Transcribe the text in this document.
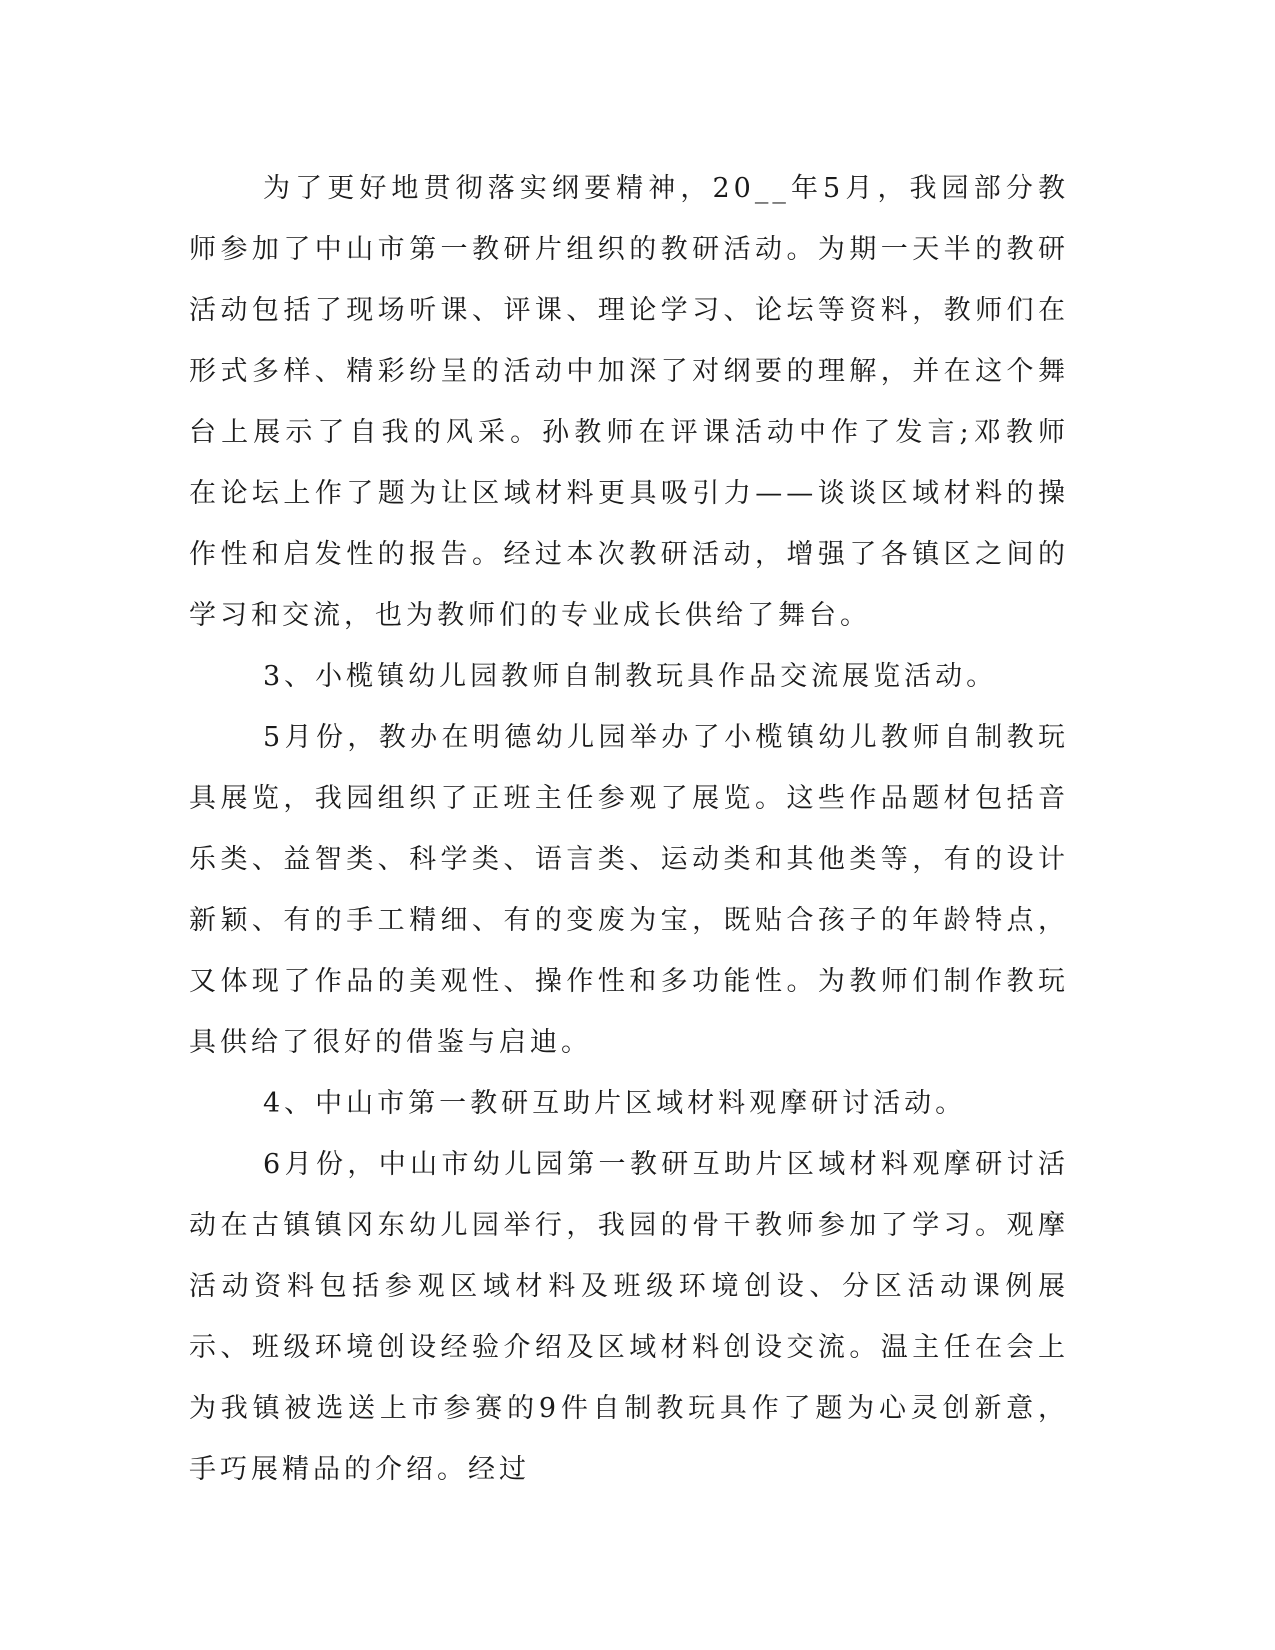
为了更好地贯彻落实纲要精神，20__年5月，我园部分教师参加了中山市第一教研片组织的教研活动。为期一天半的教研活动包括了现场听课、评课、理论学习、论坛等资料，教师们在形式多样、精彩纷呈的活动中加深了对纲要的理解，并在这个舞台上展示了自我的风采。孙教师在评课活动中作了发言;邓教师在论坛上作了题为让区域材料更具吸引力——谈谈区域材料的操作性和启发性的报告。经过本次教研活动，增强了各镇区之间的学习和交流，也为教师们的专业成长供给了舞台。

3、小榄镇幼儿园教师自制教玩具作品交流展览活动。

5月份，教办在明德幼儿园举办了小榄镇幼儿教师自制教玩具展览，我园组织了正班主任参观了展览。这些作品题材包括音乐类、益智类、科学类、语言类、运动类和其他类等，有的设计新颖、有的手工精细、有的变废为宝，既贴合孩子的年龄特点，又体现了作品的美观性、操作性和多功能性。为教师们制作教玩具供给了很好的借鉴与启迪。

4、中山市第一教研互助片区域材料观摩研讨活动。

6月份，中山市幼儿园第一教研互助片区域材料观摩研讨活动在古镇镇冈东幼儿园举行，我园的骨干教师参加了学习。观摩活动资料包括参观区域材料及班级环境创设、分区活动课例展示、班级环境创设经验介绍及区域材料创设交流。温主任在会上为我镇被选送上市参赛的9件自制教玩具作了题为心灵创新意，手巧展精品的介绍。经过
